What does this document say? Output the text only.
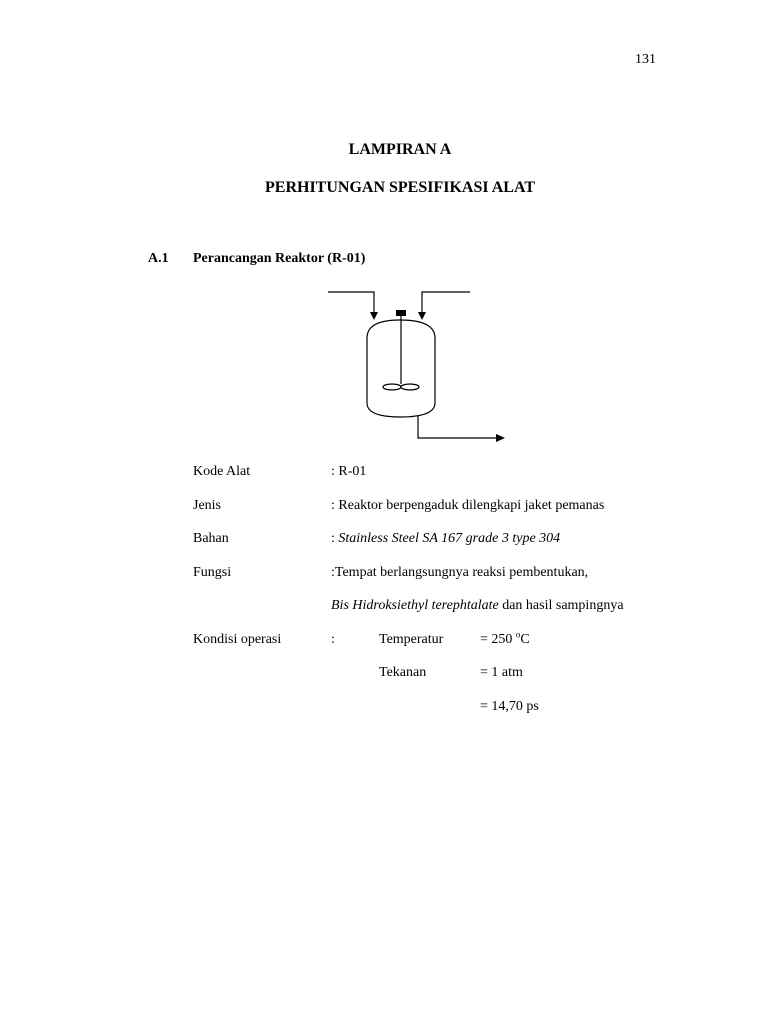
131
LAMPIRAN A
PERHITUNGAN SPESIFIKASI ALAT
A.1 Perancangan Reaktor (R-01)
Kode Alat	: R-01
Jenis	: Reaktor berpengaduk dilengkapi jaket pemanas
Bahan	: Stainless Steel SA 167 grade 3 type 304
Fungsi	:Tempat berlangsungnya reaksi pembentukan,
Bis Hidroksiethyl terephtalate dan hasil sampingnya
Kondisi operasi	:	Temperatur	= 250 $^o$C
Tekanan	= 1 atm
= 14,70 ps
